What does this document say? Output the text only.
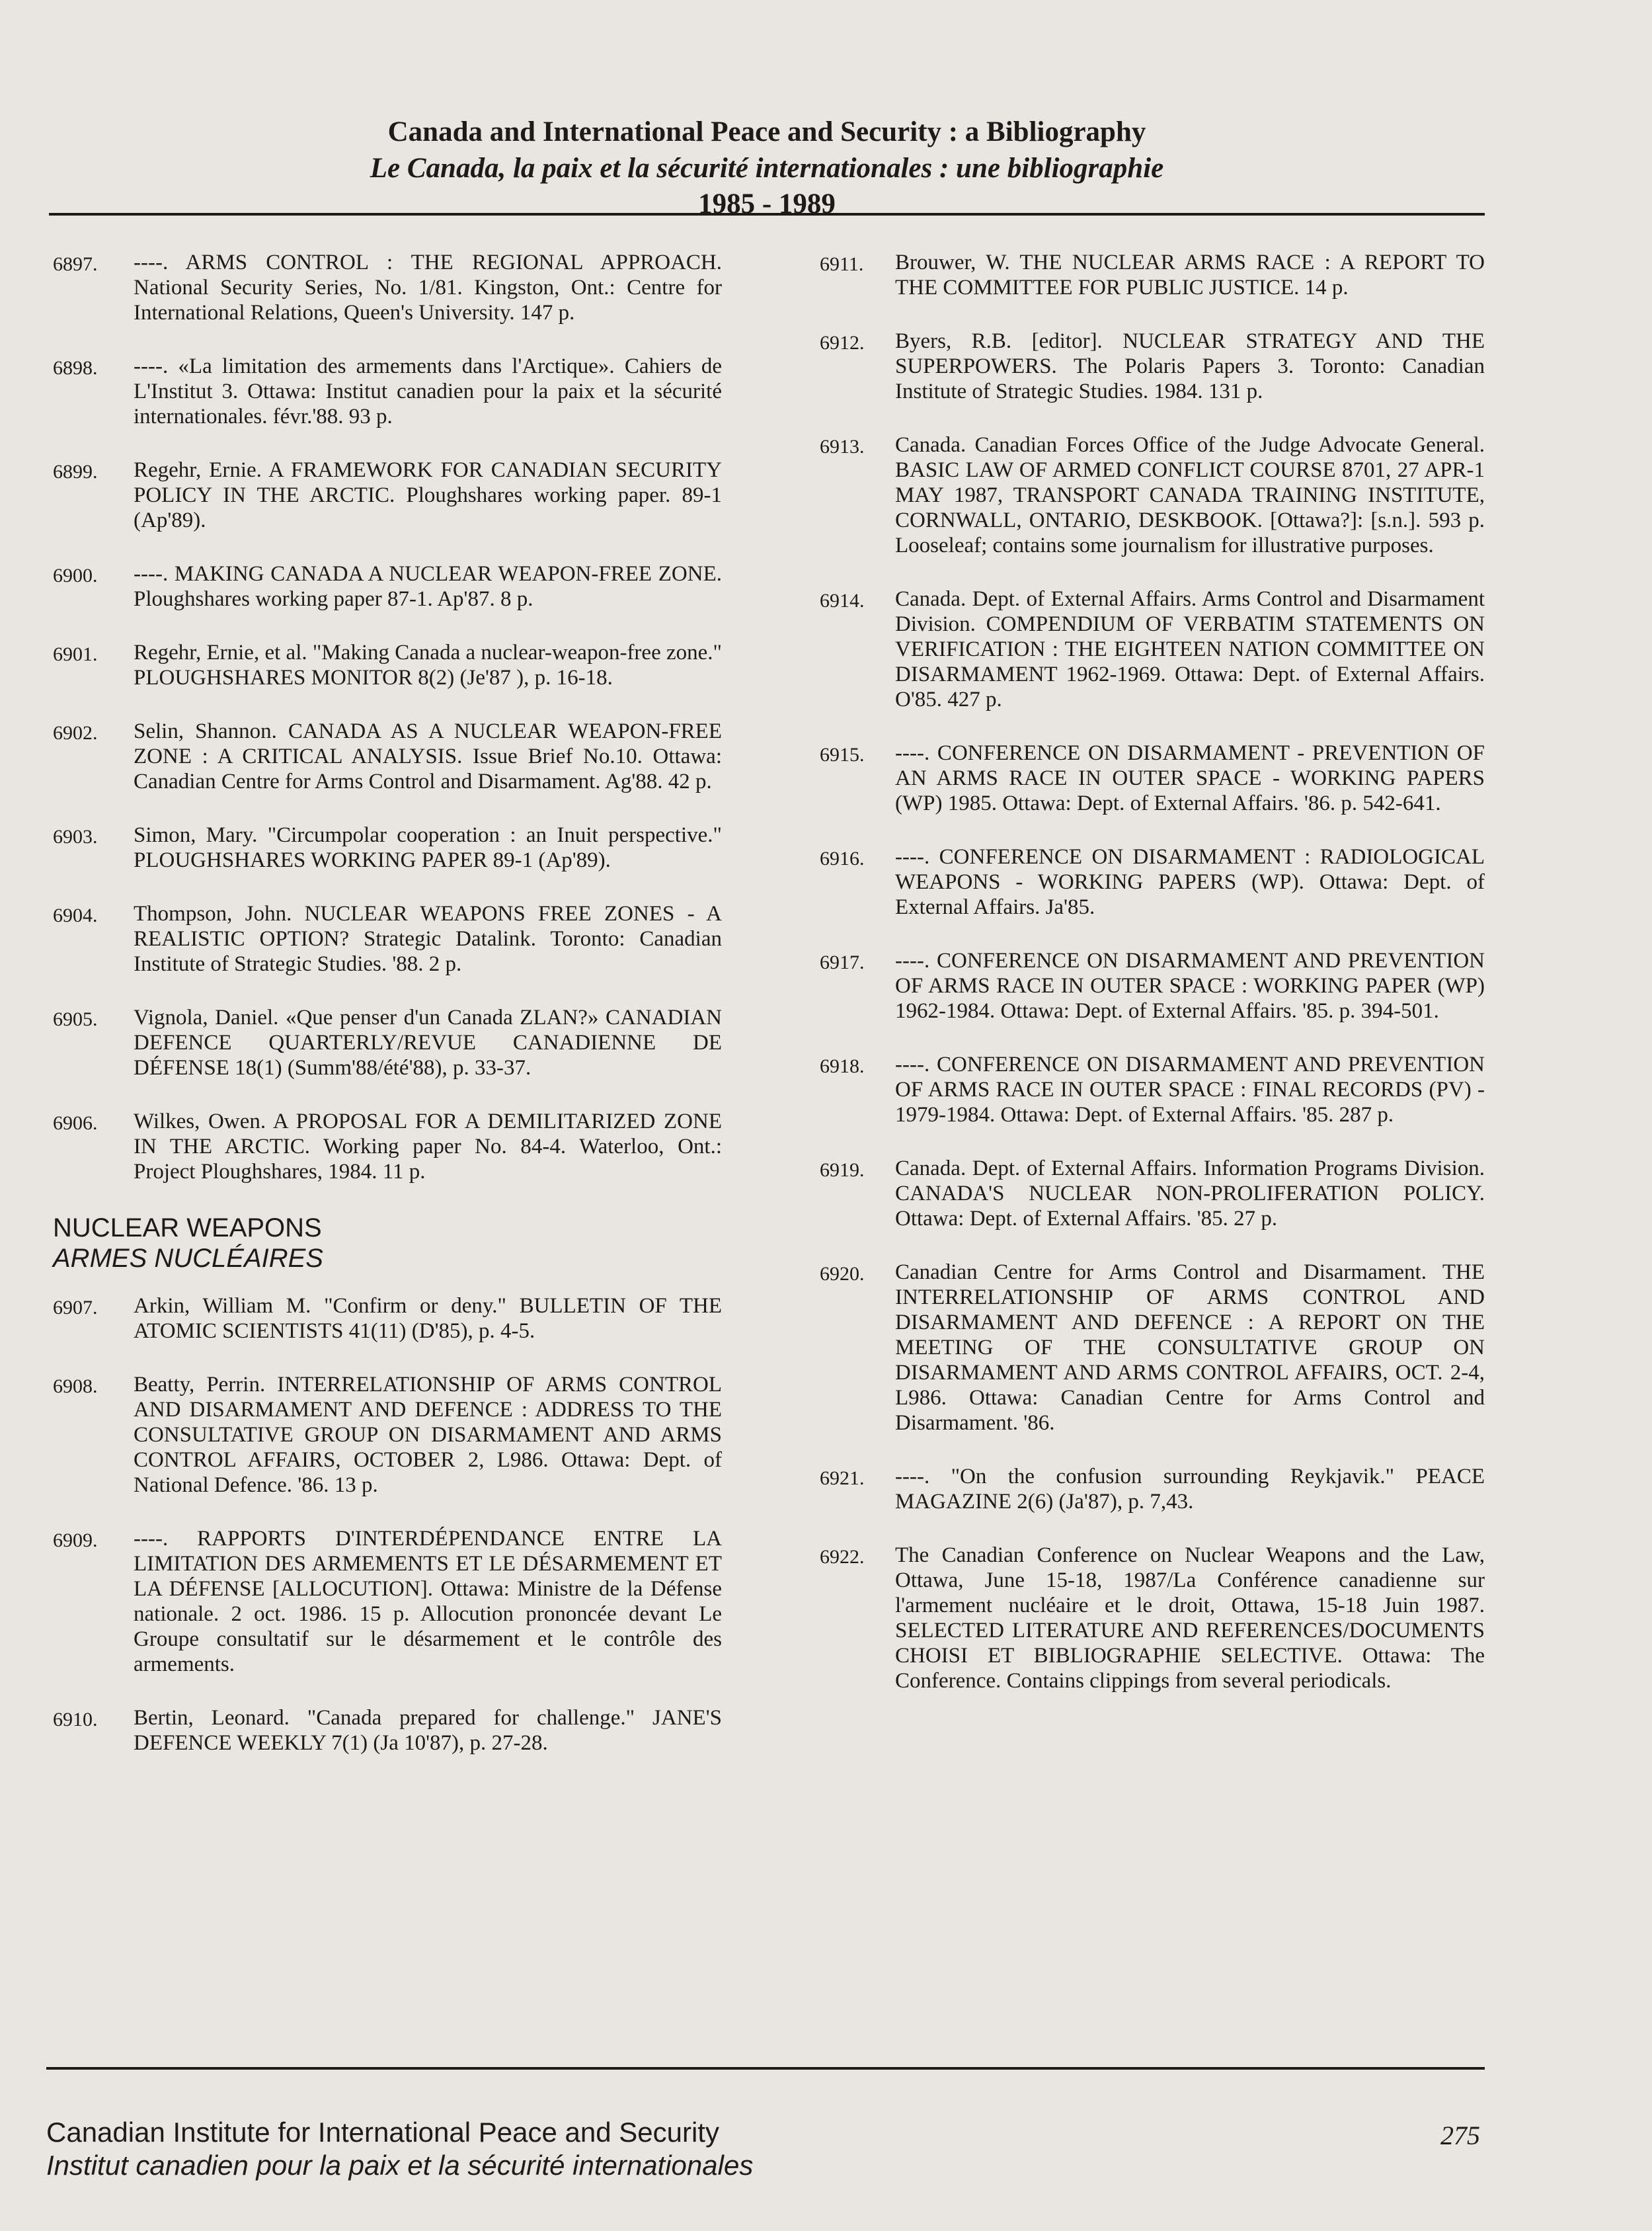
Canada and International Peace and Security : a Bibliography
Le Canada, la paix et la sécurité internationales : une bibliographie
1985 - 1989
6897.	----. ARMS CONTROL : THE REGIONAL APPROACH. National Security Series, No. 1/81. Kingston, Ont.: Centre for International Relations, Queen's University. 147 p.
6898.	----. «La limitation des armements dans l'Arctique». Cahiers de L'Institut 3. Ottawa: Institut canadien pour la paix et la sécurité internationales. févr.'88. 93 p.
6899.	Regehr, Ernie. A FRAMEWORK FOR CANADIAN SECURITY POLICY IN THE ARCTIC. Ploughshares working paper. 89-1 (Ap'89).
6900.	----. MAKING CANADA A NUCLEAR WEAPON-FREE ZONE. Ploughshares working paper 87-1. Ap'87. 8 p.
6901.	Regehr, Ernie, et al. "Making Canada a nuclear-weapon-free zone." PLOUGHSHARES MONITOR 8(2) (Je'87 ), p. 16-18.
6902.	Selin, Shannon. CANADA AS A NUCLEAR WEAPON-FREE ZONE : A CRITICAL ANALYSIS. Issue Brief No.10. Ottawa: Canadian Centre for Arms Control and Disarmament. Ag'88. 42 p.
6903.	Simon, Mary. "Circumpolar cooperation : an Inuit perspective." PLOUGHSHARES WORKING PAPER 89-1 (Ap'89).
6904.	Thompson, John. NUCLEAR WEAPONS FREE ZONES - A REALISTIC OPTION? Strategic Datalink. Toronto: Canadian Institute of Strategic Studies. '88. 2 p.
6905.	Vignola, Daniel. «Que penser d'un Canada ZLAN?» CANADIAN DEFENCE QUARTERLY/REVUE CANADIENNE DE DÉFENSE 18(1) (Summ'88/été'88), p. 33-37.
6906.	Wilkes, Owen. A PROPOSAL FOR A DEMILITARIZED ZONE IN THE ARCTIC. Working paper No. 84-4. Waterloo, Ont.: Project Ploughshares, 1984. 11 p.
NUCLEAR WEAPONS
ARMES NUCLÉAIRES
6907.	Arkin, William M. "Confirm or deny." BULLETIN OF THE ATOMIC SCIENTISTS 41(11) (D'85), p. 4-5.
6908.	Beatty, Perrin. INTERRELATIONSHIP OF ARMS CONTROL AND DISARMAMENT AND DEFENCE : ADDRESS TO THE CONSULTATIVE GROUP ON DISARMAMENT AND ARMS CONTROL AFFAIRS, OCTOBER 2, L986. Ottawa: Dept. of National Defence. '86. 13 p.
6909.	----. RAPPORTS D'INTERDÉPENDANCE ENTRE LA LIMITATION DES ARMEMENTS ET LE DÉSARMEMENT ET LA DÉFENSE [ALLOCUTION]. Ottawa: Ministre de la Défense nationale. 2 oct. 1986. 15 p. Allocution prononcée devant Le Groupe consultatif sur le désarmement et le contrôle des armements.
6910.	Bertin, Leonard. "Canada prepared for challenge." JANE'S DEFENCE WEEKLY 7(1) (Ja 10'87), p. 27-28.
6911.	Brouwer, W. THE NUCLEAR ARMS RACE : A REPORT TO THE COMMITTEE FOR PUBLIC JUSTICE. 14 p.
6912.	Byers, R.B. [editor]. NUCLEAR STRATEGY AND THE SUPERPOWERS. The Polaris Papers 3. Toronto: Canadian Institute of Strategic Studies. 1984. 131 p.
6913.	Canada. Canadian Forces Office of the Judge Advocate General. BASIC LAW OF ARMED CONFLICT COURSE 8701, 27 APR-1 MAY 1987, TRANSPORT CANADA TRAINING INSTITUTE, CORNWALL, ONTARIO, DESKBOOK. [Ottawa?]: [s.n.]. 593 p. Looseleaf; contains some journalism for illustrative purposes.
6914.	Canada. Dept. of External Affairs. Arms Control and Disarmament Division. COMPENDIUM OF VERBATIM STATEMENTS ON VERIFICATION : THE EIGHTEEN NATION COMMITTEE ON DISARMAMENT 1962-1969. Ottawa: Dept. of External Affairs. O'85. 427 p.
6915.	----. CONFERENCE ON DISARMAMENT - PREVENTION OF AN ARMS RACE IN OUTER SPACE - WORKING PAPERS (WP) 1985. Ottawa: Dept. of External Affairs. '86. p. 542-641.
6916.	----. CONFERENCE ON DISARMAMENT : RADIOLOGICAL WEAPONS - WORKING PAPERS (WP). Ottawa: Dept. of External Affairs. Ja'85.
6917.	----. CONFERENCE ON DISARMAMENT AND PREVENTION OF ARMS RACE IN OUTER SPACE : WORKING PAPER (WP) 1962-1984. Ottawa: Dept. of External Affairs. '85. p. 394-501.
6918.	----. CONFERENCE ON DISARMAMENT AND PREVENTION OF ARMS RACE IN OUTER SPACE : FINAL RECORDS (PV) - 1979-1984. Ottawa: Dept. of External Affairs. '85. 287 p.
6919.	Canada. Dept. of External Affairs. Information Programs Division. CANADA'S NUCLEAR NON-PROLIFERATION POLICY. Ottawa: Dept. of External Affairs. '85. 27 p.
6920.	Canadian Centre for Arms Control and Disarmament. THE INTERRELATIONSHIP OF ARMS CONTROL AND DISARMAMENT AND DEFENCE : A REPORT ON THE MEETING OF THE CONSULTATIVE GROUP ON DISARMAMENT AND ARMS CONTROL AFFAIRS, OCT. 2-4, L986. Ottawa: Canadian Centre for Arms Control and Disarmament. '86.
6921.	----. "On the confusion surrounding Reykjavik." PEACE MAGAZINE 2(6) (Ja'87), p. 7,43.
6922.	The Canadian Conference on Nuclear Weapons and the Law, Ottawa, June 15-18, 1987/La Conférence canadienne sur l'armement nucléaire et le droit, Ottawa, 15-18 Juin 1987. SELECTED LITERATURE AND REFERENCES/DOCUMENTS CHOISI ET BIBLIOGRAPHIE SELECTIVE. Ottawa: The Conference. Contains clippings from several periodicals.
Canadian Institute for International Peace and Security
Institut canadien pour la paix et la sécurité internationales
275
